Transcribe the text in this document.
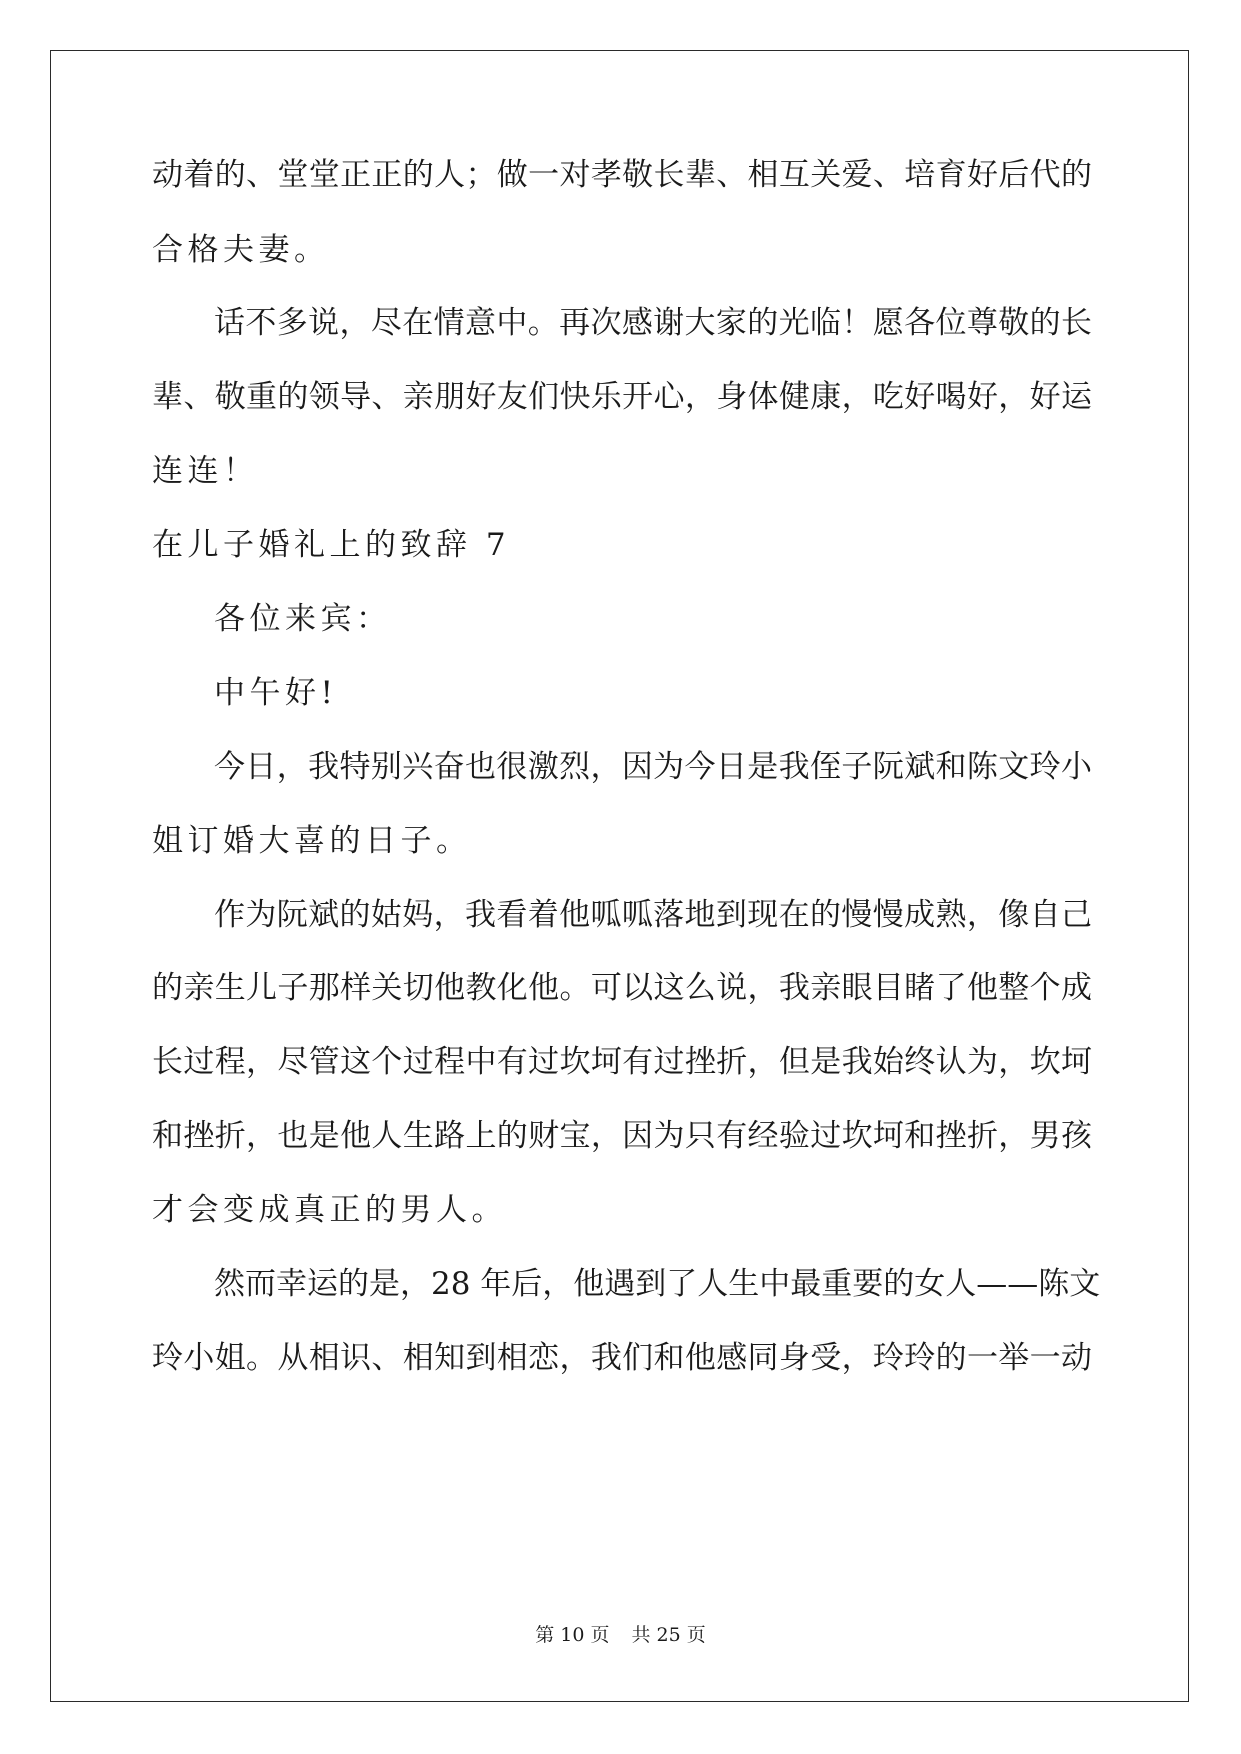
动着的、堂堂正正的人；做一对孝敬长辈、相互关爱、培育好后代的
合格夫妻。
话不多说，尽在情意中。再次感谢大家的光临！愿各位尊敬的长
辈、敬重的领导、亲朋好友们快乐开心，身体健康，吃好喝好，好运
连连！
在儿子婚礼上的致辞 7
各位来宾：
中午好!
今日，我特别兴奋也很激烈，因为今日是我侄子阮斌和陈文玲小
姐订婚大喜的日子。
作为阮斌的姑妈，我看着他呱呱落地到现在的慢慢成熟，像自己
的亲生儿子那样关切他教化他。可以这么说，我亲眼目睹了他整个成
长过程，尽管这个过程中有过坎坷有过挫折，但是我始终认为，坎坷
和挫折，也是他人生路上的财宝，因为只有经验过坎坷和挫折，男孩
才会变成真正的男人。
然而幸运的是，28 年后，他遇到了人生中最重要的女人——陈文
玲小姐。从相识、相知到相恋，我们和他感同身受，玲玲的一举一动
第 10 页 共 25 页
